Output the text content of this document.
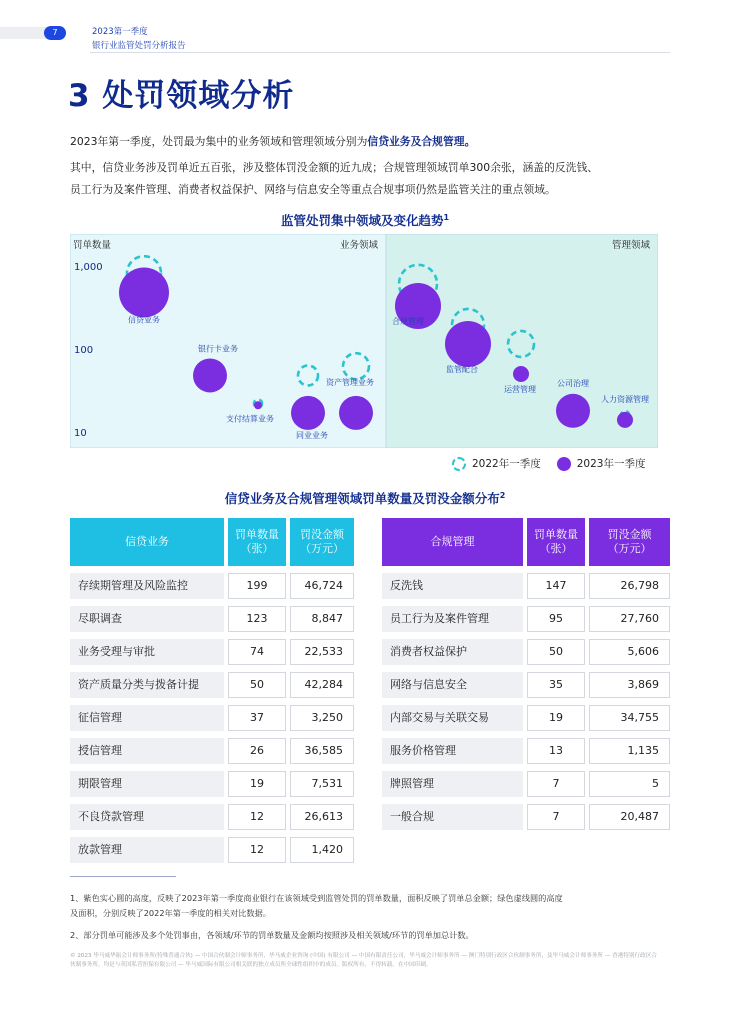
7	2023第一季度
银行业监管处罚分析报告
3 处罚领域分析
2023年第一季度，处罚最为集中的业务领域和管理领域分别为信贷业务及合规管理。
其中，信贷业务涉及罚单近五百张，涉及整体罚没金额的近九成；合规管理领域罚单300余张，涵盖的反洗钱、
员工行为及案件管理、消费者权益保护、网络与信息安全等重点合规事项仍然是监管关注的重点领域。
监管处罚集中领域及变化趋势$^1$
业务领域	管理领域
罚单数量
1,000
100
10
信贷业务
银行卡业务
支付结算业务
同业业务
资产管理业务
合规管理
监管配合
运营管理
公司治理
人力资源管理
2022年一季度	2023年一季度
信贷业务及合规管理领域罚单数量及罚没金额分布$^2$
信贷业务
罚单数量
（张）
罚没金额
（万元）
存续期管理及风险监控	199	46,724
尽职调查	123	8,847
业务受理与审批	74	22,533
资产质量分类与拨备计提	50	42,284
征信管理	37	3,250
授信管理	26	36,585
期限管理	19	7,531
不良贷款管理	12	26,613
放款管理	12	1,420
合规管理
罚单数量
（张）
罚没金额
（万元）
反洗钱	147	26,798
员工行为及案件管理	95	27,760
消费者权益保护	50	5,606
网络与信息安全	35	3,869
内部交易与关联交易	19	34,755
服务价格管理	13	1,135
牌照管理	7	5
一般合规	7	20,487
1、紫色实心圆的高度，反映了2023年第一季度商业银行在该领域受到监管处罚的罚单数量，面积反映了罚单总金额；绿色虚线圆的高度
及面积，分别反映了2022年第一季度的相关对比数据。
2、部分罚单可能涉及多个处罚事由，各领域/环节的罚单数量及金额均按照涉及相关领域/环节的罚单加总计数。
© 2023 毕马威华振会计师事务所(特殊普通合伙) — 中国合伙制会计师事务所，毕马威企业咨询 (中国) 有限公司 — 中国有限责任公司，毕马威会计师事务所 — 澳门特别行政区合伙制事务所，及毕马威会计师事务所 — 香港特别行政区合伙制事务所，均是与英国私营担保有限公司 — 毕马威国际有限公司相关联的独立成员所全球性组织中的成员。版权所有，不得转载。在中国印刷。
